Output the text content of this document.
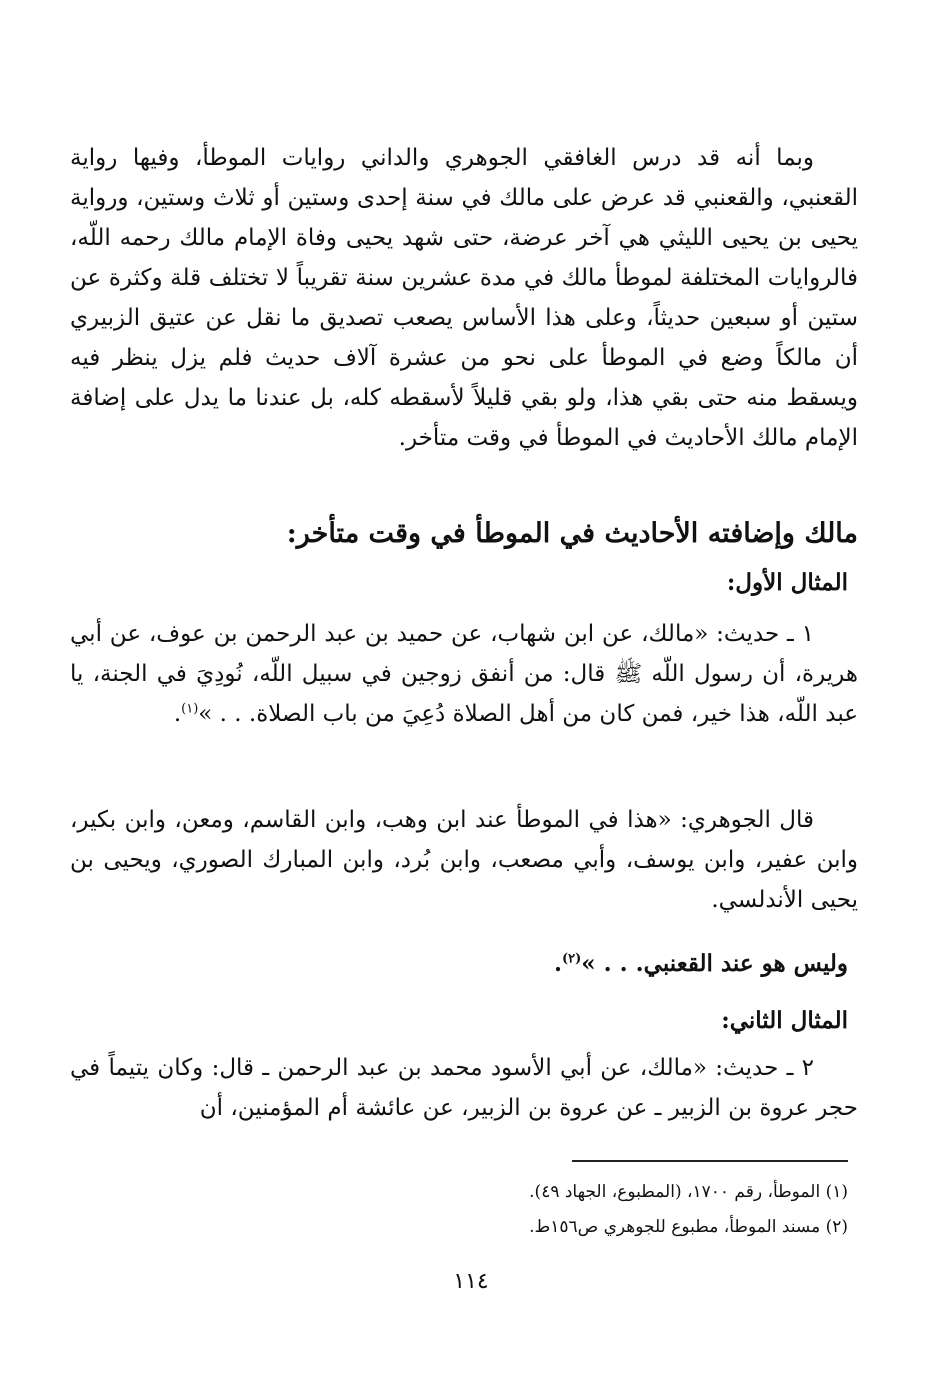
وبما أنه قد درس الغافقي الجوهري والداني روايات الموطأ، وفيها رواية القعنبي، والقعنبي قد عرض على مالك في سنة إحدى وستين أو ثلاث وستين، ورواية يحيى بن يحيى الليثي هي آخر عرضة، حتى شهد يحيى وفاة الإمام مالك رحمه اللّه، فالروايات المختلفة لموطأ مالك في مدة عشرين سنة تقريباً لا تختلف قلة وكثرة عن ستين أو سبعين حديثاً، وعلى هذا الأساس يصعب تصديق ما نقل عن عتيق الزبيري أن مالكاً وضع في الموطأ على نحو من عشرة آلاف حديث فلم يزل ينظر فيه ويسقط منه حتى بقي هذا، ولو بقي قليلاً لأسقطه كله، بل عندنا ما يدل على إضافة الإمام مالك الأحاديث في الموطأ في وقت متأخر.

مالك وإضافته الأحاديث في الموطأ في وقت متأخر:

المثال الأول:

١ ـ حديث: «مالك، عن ابن شهاب، عن حميد بن عبد الرحمن بن عوف، عن أبي هريرة، أن رسول اللّه ﷺ قال: من أنفق زوجين في سبيل اللّه، نُودِيَ في الجنة، يا عبد اللّه، هذا خير، فمن كان من أهل الصلاة دُعِيَ من باب الصلاة. . . »$^{(١)}$.

قال الجوهري: «هذا في الموطأ عند ابن وهب، وابن القاسم، ومعن، وابن بكير، وابن عفير، وابن يوسف، وأبي مصعب، وابن بُرد، وابن المبارك الصوري، ويحيى بن يحيى الأندلسي.

وليس هو عند القعنبي. . . »$^{(٢)}$.

المثال الثاني:

٢ ـ حديث: «مالك، عن أبي الأسود محمد بن عبد الرحمن ـ قال: وكان يتيماً في حجر عروة بن الزبير ـ عن عروة بن الزبير، عن عائشة أم المؤمنين، أن

(١) الموطأ، رقم ١٧٠٠، (المطبوع، الجهاد ٤٩).

(٢) مسند الموطأ، مطبوع للجوهري ص١٥٦ط.

١١٤
